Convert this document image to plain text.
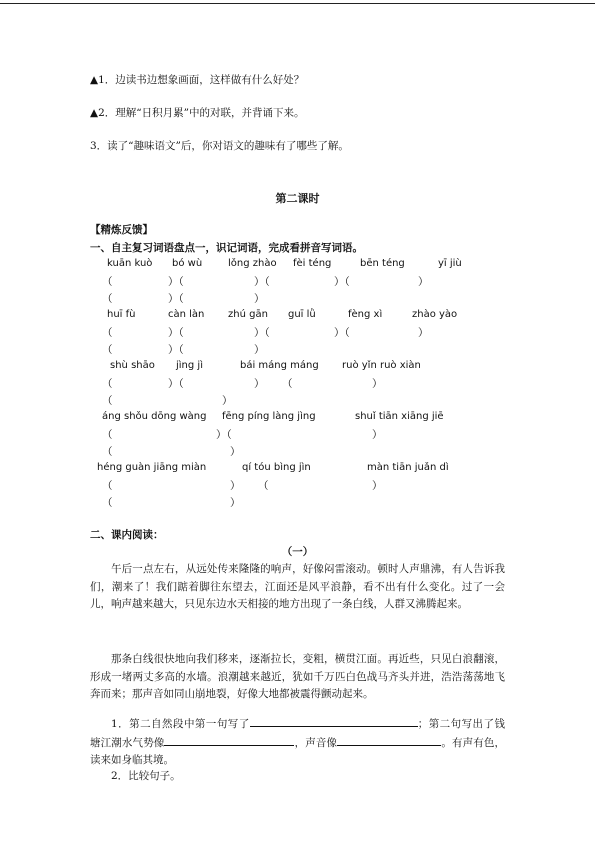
▲1．边读书边想象画面，这样做有什么好处？
▲2．理解“日积月累”中的对联，并背诵下来。
3．读了“趣味语文”后，你对语文的趣味有了哪些了解。
第二课时
【精炼反馈】
一、自主复习词语盘点一，识记词语，完成看拼音写词语。
kuān kuò bó wù	lǒng zhào fèi téng	bēn téng	yī jiù
（	）（	）（	）（	）
（	）（	）
huī fù	càn làn zhú gān guī lǜ	fèng xì	zhào yào
（	）（	）（	）（	）
（	）（	）
shù shāo jìng jì	bái máng máng ruò yǐn ruò xiàn
（	）（	） （	）
（	）
áng shǒu dōng wàng fēng píng làng jìng	shuǐ tiān xiāng jiē
（	）（	）
（	）
héng guàn jiāng miàn	qí tóu bìng jìn	màn tiān juǎn dì
（	） （	）
（	）
二、课内阅读：
（一）
午后一点左右，从远处传来隆隆的响声，好像闷雷滚动。顿时人声鼎沸，有人告诉我们，潮来了！我们踮着脚往东望去，江面还是风平浪静，看不出有什么变化。过了一会儿，响声越来越大，只见东边水天相接的地方出现了一条白线，人群又沸腾起来。
那条白线很快地向我们移来，逐渐拉长，变粗，横贯江面。再近些，只见白浪翻滚，形成一堵两丈多高的水墙。浪潮越来越近，犹如千万匹白色战马齐头并进，浩浩荡荡地飞奔而来；那声音如同山崩地裂，好像大地都被震得颤动起来。
1．第二自然段中第一句写了	；第二句写出了钱塘江潮水气势像	，声音像	。有声有色，读来如身临其境。
2．比较句子。
